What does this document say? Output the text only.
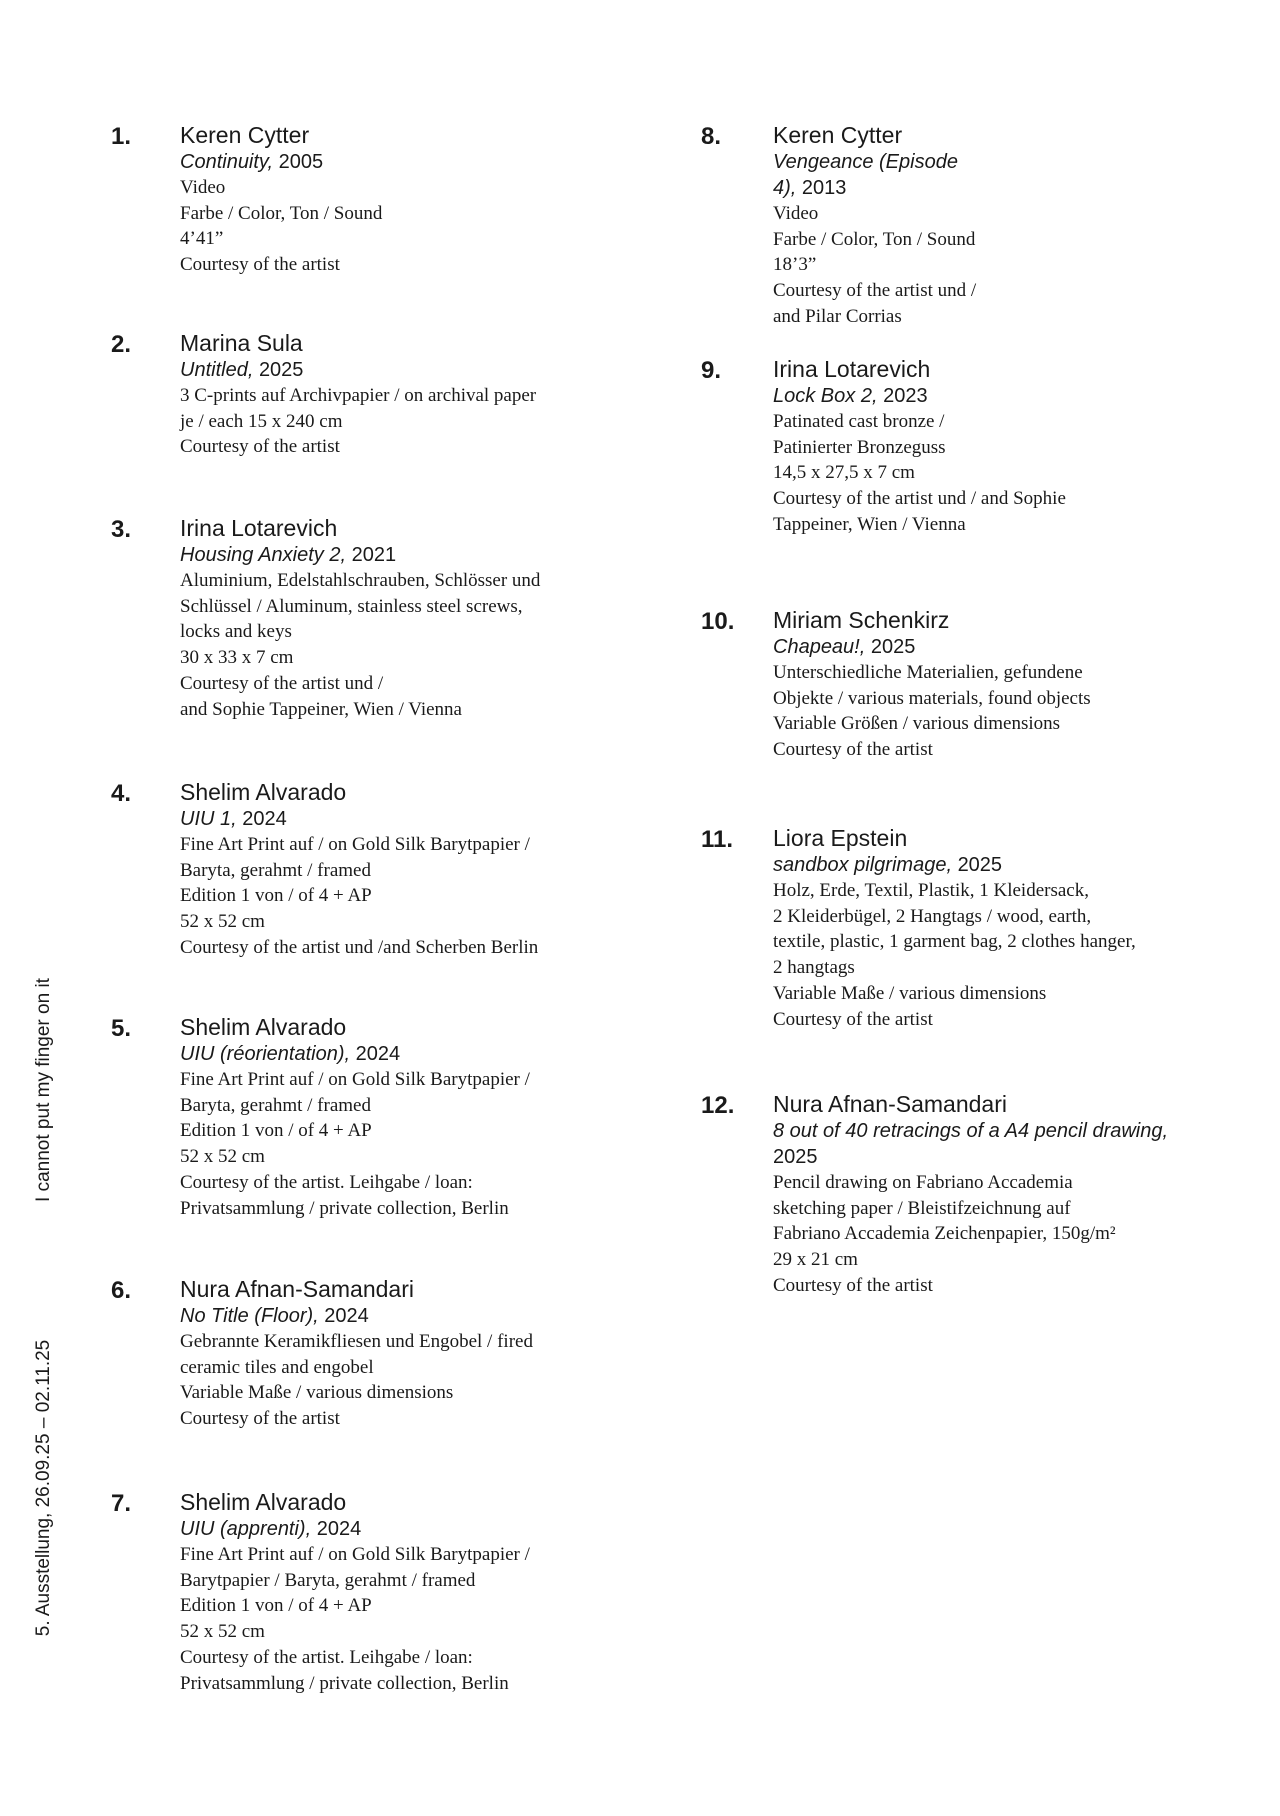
I cannot put my finger on it
5. Ausstellung, 26.09.25 – 02.11.25
1. Keren Cytter
Continuity, 2005
Video
Farbe / Color, Ton / Sound
4’41”
Courtesy of the artist
2. Marina Sula
Untitled, 2025
3 C-prints auf Archivpapier / on archival paper
je / each 15 x 240 cm
Courtesy of the artist
3. Irina Lotarevich
Housing Anxiety 2, 2021
Aluminium, Edelstahlschrauben, Schlösser und
Schlüssel / Aluminum, stainless steel screws,
locks and keys
30 x 33 x 7 cm
Courtesy of the artist und /
and Sophie Tappeiner, Wien / Vienna
4. Shelim Alvarado
UIU 1, 2024
Fine Art Print auf / on Gold Silk Barytpapier /
Baryta, gerahmt / framed
Edition 1 von / of 4 + AP
52 x 52 cm
Courtesy of the artist und /and Scherben Berlin
5. Shelim Alvarado
UIU (réorientation), 2024
Fine Art Print auf / on Gold Silk Barytpapier /
Baryta, gerahmt / framed
Edition 1 von / of 4 + AP
52 x 52 cm
Courtesy of the artist. Leihgabe / loan:
Privatsammlung / private collection, Berlin
6. Nura Afnan-Samandari
No Title (Floor), 2024
Gebrannte Keramikfliesen und Engobel / fired
ceramic tiles and engobel
Variable Maße / various dimensions
Courtesy of the artist
7. Shelim Alvarado
UIU (apprenti), 2024
Fine Art Print auf / on Gold Silk Barytpapier /
Barytpapier / Baryta, gerahmt / framed
Edition 1 von / of 4 + AP
52 x 52 cm
Courtesy of the artist. Leihgabe / loan:
Privatsammlung / private collection, Berlin
8. Keren Cytter
Vengeance (Episode 4), 2013
Video
Farbe / Color, Ton / Sound
18’3”
Courtesy of the artist und /
and Pilar Corrias
9. Irina Lotarevich
Lock Box 2, 2023
Patinated cast bronze /
Patinierter Bronzeguss
14,5 x 27,5 x 7 cm
Courtesy of the artist und / and Sophie
Tappeiner, Wien / Vienna
10. Miriam Schenkirz
Chapeau!, 2025
Unterschiedliche Materialien, gefundene
Objekte / various materials, found objects
Variable Größen / various dimensions
Courtesy of the artist
11. Liora Epstein
sandbox pilgrimage, 2025
Holz, Erde, Textil, Plastik, 1 Kleidersack,
2 Kleiderbügel, 2 Hangtags / wood, earth,
textile, plastic, 1 garment bag, 2 clothes hanger,
2 hangtags
Variable Maße / various dimensions
Courtesy of the artist
12. Nura Afnan-Samandari
8 out of 40 retracings of a A4 pencil drawing, 2025
Pencil drawing on Fabriano Accademia
sketching paper / Bleistifzeichnung auf
Fabriano Accademia Zeichenpapier, 150g/m²
29 x 21 cm
Courtesy of the artist
